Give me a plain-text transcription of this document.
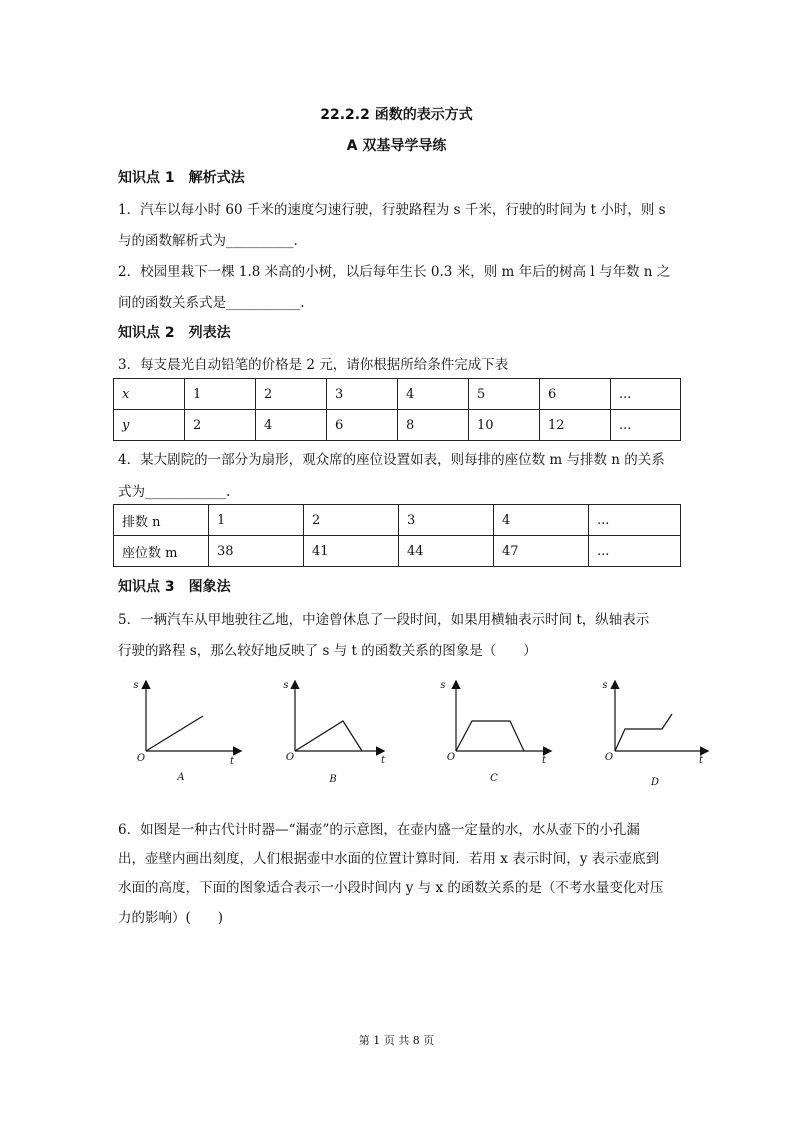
22.2.2 函数的表示方式
A 双基导学导练
知识点 1　解析式法
1．汽车以每小时 60 千米的速度匀速行驶，行驶路程为 s 千米，行驶的时间为 t 小时，则 s
与的函数解析式为__________.
2．校园里栽下一棵 1.8 米高的小树，以后每年生长 0.3 米，则 m 年后的树高 l 与年数 n 之
间的函数关系式是___________.
知识点 2　列表法
3．每支晨光自动铅笔的价格是 2 元，请你根据所给条件完成下表
x	1	2	3	4	5	6	...
y	2	4	6	8	10	12	...
4．某大剧院的一部分为扇形，观众席的座位设置如表，则每排的座位数 m 与排数 n 的关系
式为____________.
排数 n	1	2	3	4	...
座位数 m	38	41	44	47	...
知识点 3　图象法
5．一辆汽车从甲地驶往乙地，中途曾休息了一段时间，如果用横轴表示时间 t，纵轴表示
行驶的路程 s，那么较好地反映了 s 与 t 的函数关系的图象是（　　）
s
O	t
A
s
O	t
B
s
O	t
C
s
O	t
D
6．如图是一种古代计时器—“漏壶”的示意图，在壶内盛一定量的水，水从壶下的小孔漏
出，壶壁内画出刻度，人们根据壶中水面的位置计算时间．若用 x 表示时间，y 表示壶底到
水面的高度，下面的图象适合表示一小段时间内 y 与 x 的函数关系的是（不考水量变化对压
力的影响）(　　)
第 1 页 共 8 页
